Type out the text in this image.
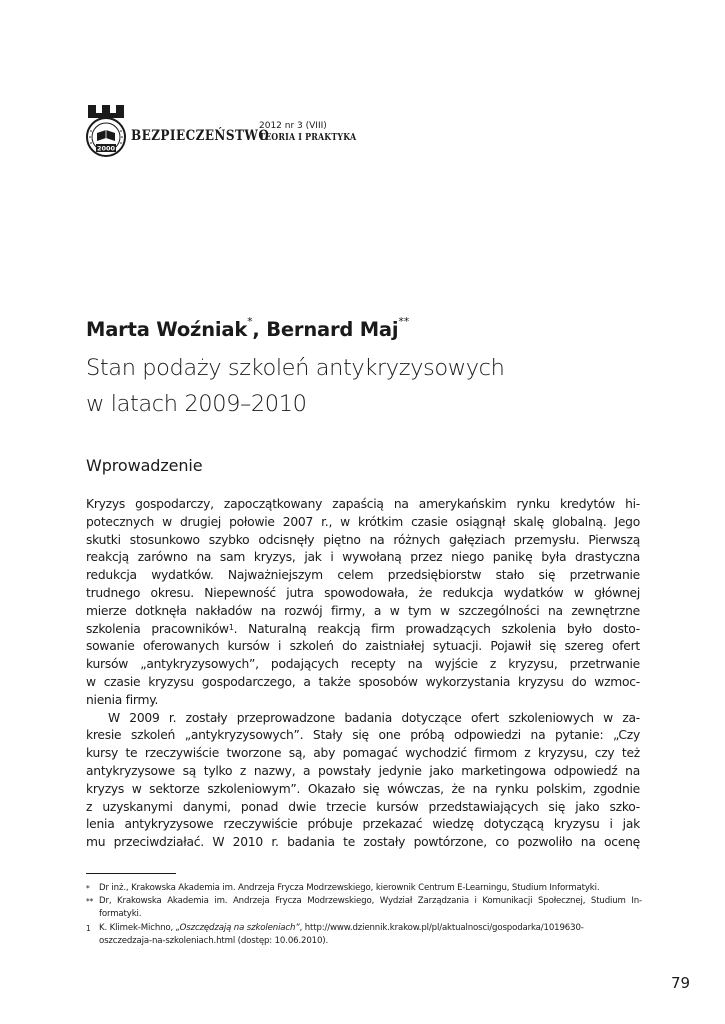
2000
BEZPIECZEŃSTWO
2012 nr 3 (VIII)
TEORIA I PRAKTYKA
Marta Woźniak*, Bernard Maj**
Stan podaży szkoleń antykryzysowych
w latach 2009–2010
Wprowadzenie
Kryzys gospodarczy, zapoczątkowany zapaścią na amerykańskim rynku kredytów hi-
potecznych w drugiej połowie 2007 r., w krótkim czasie osiągnął skalę globalną. Jego
skutki stosunkowo szybko odcisnęły piętno na różnych gałęziach przemysłu. Pierwszą
reakcją zarówno na sam kryzys, jak i wywołaną przez niego panikę była drastyczna
redukcja wydatków. Najważniejszym celem przedsiębiorstw stało się przetrwanie
trudnego okresu. Niepewność jutra spowodowała, że redukcja wydatków w głównej
mierze dotknęła nakładów na rozwój firmy, a w tym w szczególności na zewnętrzne
szkolenia pracowników$^1$. Naturalną reakcją firm prowadzących szkolenia było dosto-
sowanie oferowanych kursów i szkoleń do zaistniałej sytuacji. Pojawił się szereg ofert
kursów „antykryzysowych”, podających recepty na wyjście z kryzysu, przetrwanie
w czasie kryzysu gospodarczego, a także sposobów wykorzystania kryzysu do wzmoc-
nienia firmy.
W 2009 r. zostały przeprowadzone badania dotyczące ofert szkoleniowych w za-
kresie szkoleń „antykryzysowych”. Stały się one próbą odpowiedzi na pytanie: „Czy
kursy te rzeczywiście tworzone są, aby pomagać wychodzić firmom z kryzysu, czy też
antykryzysowe są tylko z nazwy, a powstały jedynie jako marketingowa odpowiedź na
kryzys w sektorze szkoleniowym”. Okazało się wówczas, że na rynku polskim, zgodnie
z uzyskanymi danymi, ponad dwie trzecie kursów przedstawiających się jako szko-
lenia antykryzysowe rzeczywiście próbuje przekazać wiedzę dotyczącą kryzysu i jak
mu przeciwdziałać. W 2010 r. badania te zostały powtórzone, co pozwoliło na ocenę
* Dr inż., Krakowska Akademia im. Andrzeja Frycza Modrzewskiego, kierownik Centrum E-Learningu, Studium Informatyki.
** Dr, Krakowska Akademia im. Andrzeja Frycza Modrzewskiego, Wydział Zarządzania i Komunikacji Społecznej, Studium In-
formatyki.
1 K. Klimek-Michno, „Oszczędzają na szkoleniach”, http://www.dziennik.krakow.pl/pl/aktualnosci/gospodarka/1019630-
oszczedzaja-na-szkoleniach.html (dostęp: 10.06.2010).
79
